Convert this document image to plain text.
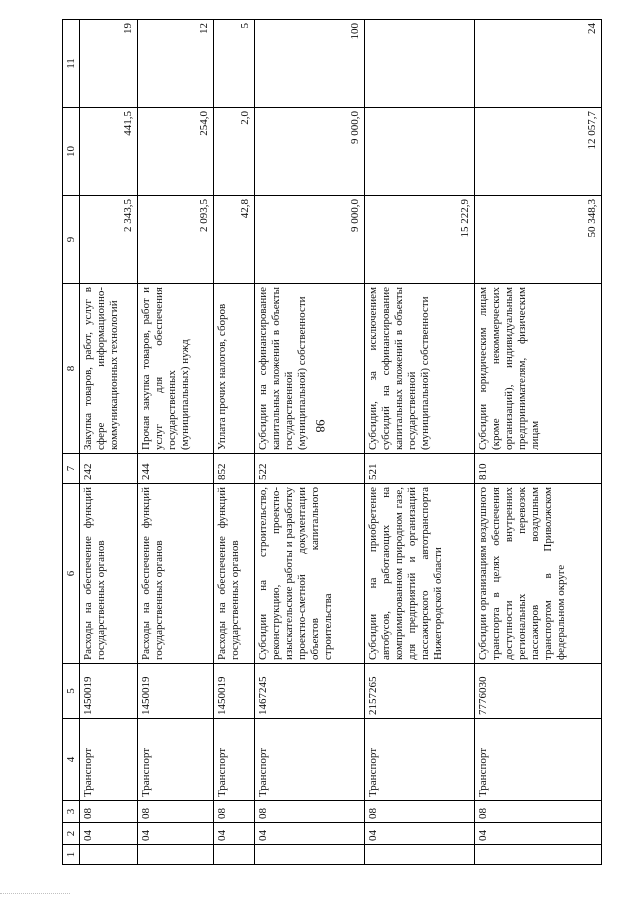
98
1	2	3	4	5	6	7	8	9	10	11
	04	08	Транспорт	1450019	Расходы на обеспечение функций государственных органов	242	Закупка товаров, работ, услуг в сфере информационно-коммуникационных технологий	2 343,5	441,5	19
	04	08	Транспорт	1450019	Расходы на обеспечение функций государственных органов	244	Прочая закупка товаров, работ и услуг для обеспечения государственных (муниципальных) нужд	2 093,5	254,0	12
	04	08	Транспорт	1450019	Расходы на обеспечение функций государственных органов	852	Уплата прочих налогов, сборов	42,8	2,0	5
	04	08	Транспорт	1467245	Субсидии на строительство, реконструкцию, проектно-изыскательские работы и разработку проектно-сметной документации объектов капитального строительства	522	Субсидии на софинансирование капитальных вложений в объекты государственной (муниципальной) собственности	9 000,0	9 000,0	100
	04	08	Транспорт	2157265	Субсидии на приобретение автобусов, работающих на компримированном природном газе, для предприятий и организаций пассажирского автотранспорта Нижегородской области	521	Субсидии, за исключением субсидий на софинансирование капитальных вложений в объекты государственной (муниципальной) собственности	15 222,9		
	04	08	Транспорт	7776030	Субсидии организациям воздушного транспорта в целях обеспечения доступности внутренних региональных перевозок пассажиров воздушным транспортом в Приволжском федеральном округе	810	Субсидии юридическим лицам (кроме некоммерческих организаций), индивидуальным предпринимателям, физическим лицам	50 348,3	12 057,7	24
